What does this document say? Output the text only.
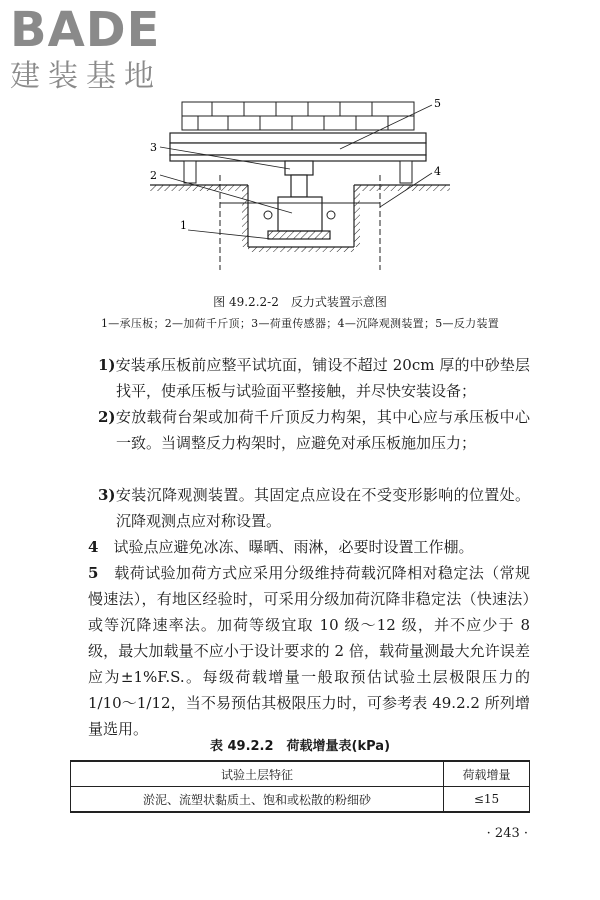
BADE
建装基地
1
2
3
4
5
图 49.2.2-2　反力式装置示意图
1—承压板；2—加荷千斤顶；3—荷重传感器；4—沉降观测装置；5—反力装置
1)安装承压板前应整平试坑面，铺设不超过 20cm 厚的中砂垫层找平，使承压板与试验面平整接触，并尽快安装设备；
2)安放载荷台架或加荷千斤顶反力构架，其中心应与承压板中心一致。当调整反力构架时，应避免对承压板施加压力；
3)安装沉降观测装置。其固定点应设在不受变形影响的位置处。沉降观测点应对称设置。
4　 试验点应避免冰冻、曝晒、雨淋，必要时设置工作棚。
5　 载荷试验加荷方式应采用分级维持荷载沉降相对稳定法（常规慢速法），有地区经验时，可采用分级加荷沉降非稳定法（快速法）或等沉降速率法。加荷等级宜取 10 级～12 级，并不应少于 8 级，最大加载量不应小于设计要求的 2 倍，载荷量测最大允许误差应为±1%F.S.。每级荷载增量一般取预估试验土层极限压力的 1/10～1/12，当不易预估其极限压力时，可参考表 49.2.2 所列增量选用。
表 49.2.2　荷载增量表(kPa)
试验土层特征	荷载增量
淤泥、流塑状黏质土、饱和或松散的粉细砂	≤15
· 243 ·
